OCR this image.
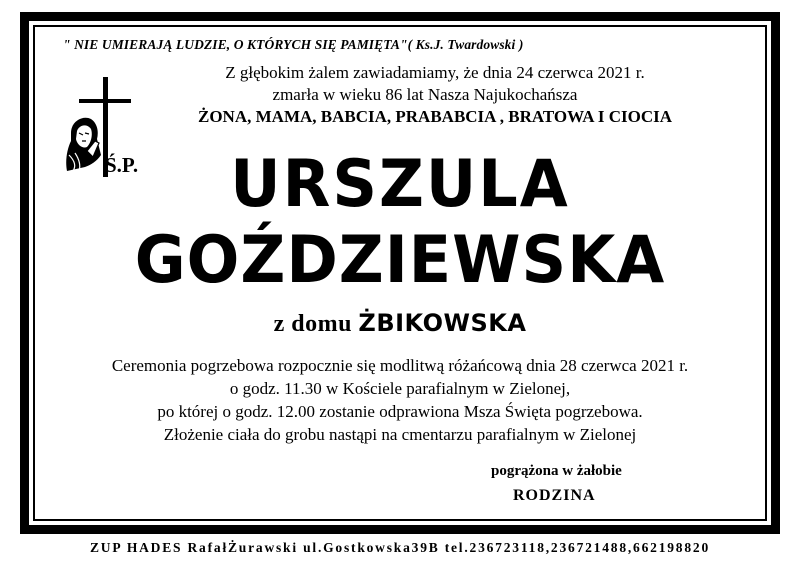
" NIE UMIERAJĄ LUDZIE, O KTÓRYCH SIĘ PAMIĘTA"( Ks.J. Twardowski )
Z głębokim żalem zawiadamiamy, że dnia 24 czerwca 2021 r.
zmarła w wieku 86 lat Nasza Najukochańsza
ŻONA, MAMA, BABCIA, PRABABCIA , BRATOWA I CIOCIA
Ś.P.	URSZULA
GOŹDZIEWSKA
z domu ŻBIKOWSKA
Ceremonia pogrzebowa rozpocznie się modlitwą różańcową dnia 28 czerwca 2021 r.
o godz. 11.30 w Kościele parafialnym w Zielonej,
po której o godz. 12.00 zostanie odprawiona Msza Święta pogrzebowa.
Złożenie ciała do grobu nastąpi na cmentarzu parafialnym w Zielonej
pogrążona w żałobie
RODZINA
ZUP HADES RafałŻurawski ul.Gostkowska39B tel.236723118,236721488,662198820
